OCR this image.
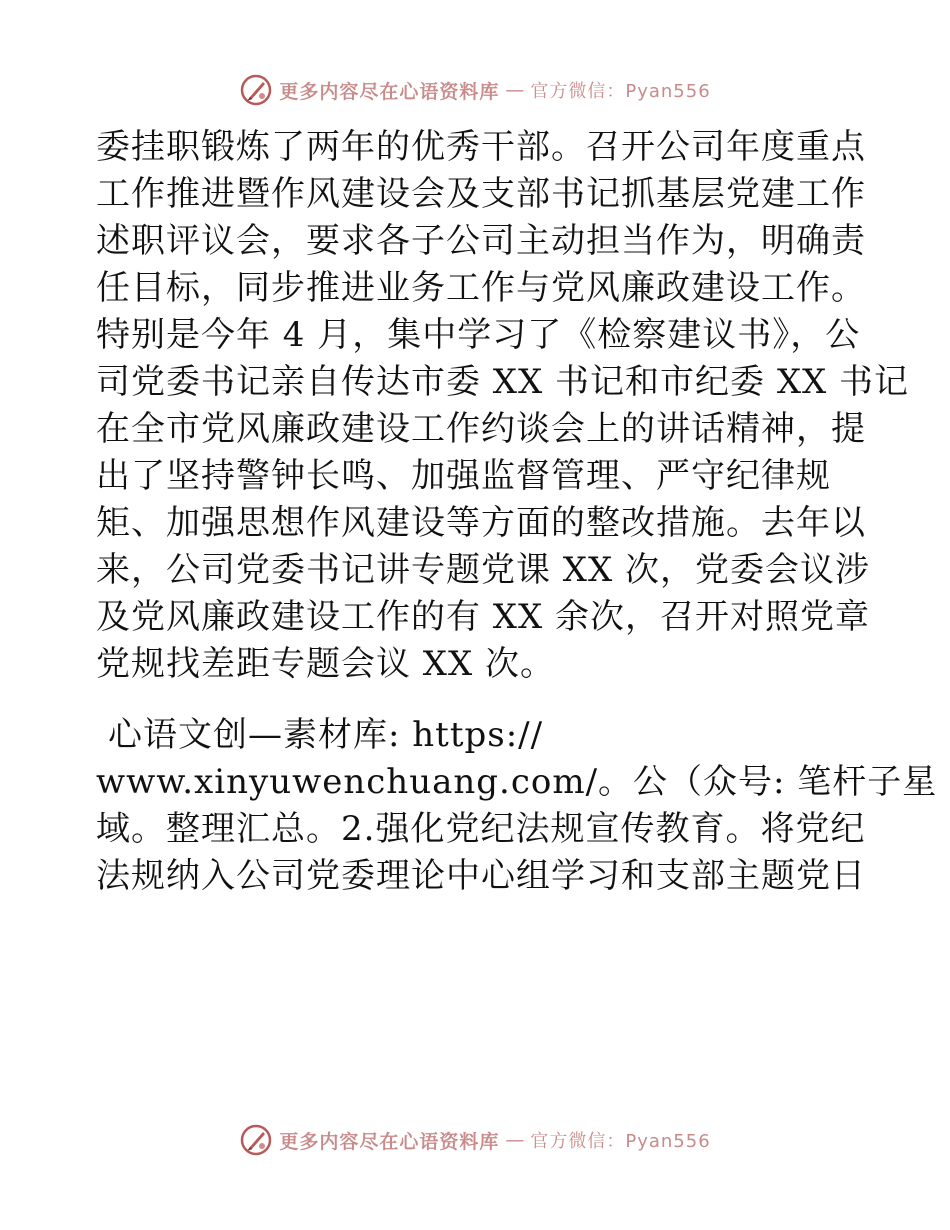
更多内容尽在心语资料库 — 官方微信：Pyan556

委挂职锻炼了两年的优秀干部。召开公司年度重点
工作推进暨作风建设会及支部书记抓基层党建工作
述职评议会，要求各子公司主动担当作为，明确责
任目标，同步推进业务工作与党风廉政建设工作。
特别是今年 4 月，集中学习了《检察建议书》，公
司党委书记亲自传达市委 XX 书记和市纪委 XX 书记
在全市党风廉政建设工作约谈会上的讲话精神，提
出了坚持警钟长鸣、加强监督管理、严守纪律规
矩、加强思想作风建设等方面的整改措施。去年以
来，公司党委书记讲专题党课 XX 次，党委会议涉
及党风廉政建设工作的有 XX 余次，召开对照党章
党规找差距专题会议 XX 次。

心语文创—素材库: https://
www.xinyuwenchuang.com/。公（众号: 笔杆子星
域。整理汇总。2.强化党纪法规宣传教育。将党纪
法规纳入公司党委理论中心组学习和支部主题党日

更多内容尽在心语资料库 — 官方微信：Pyan556
